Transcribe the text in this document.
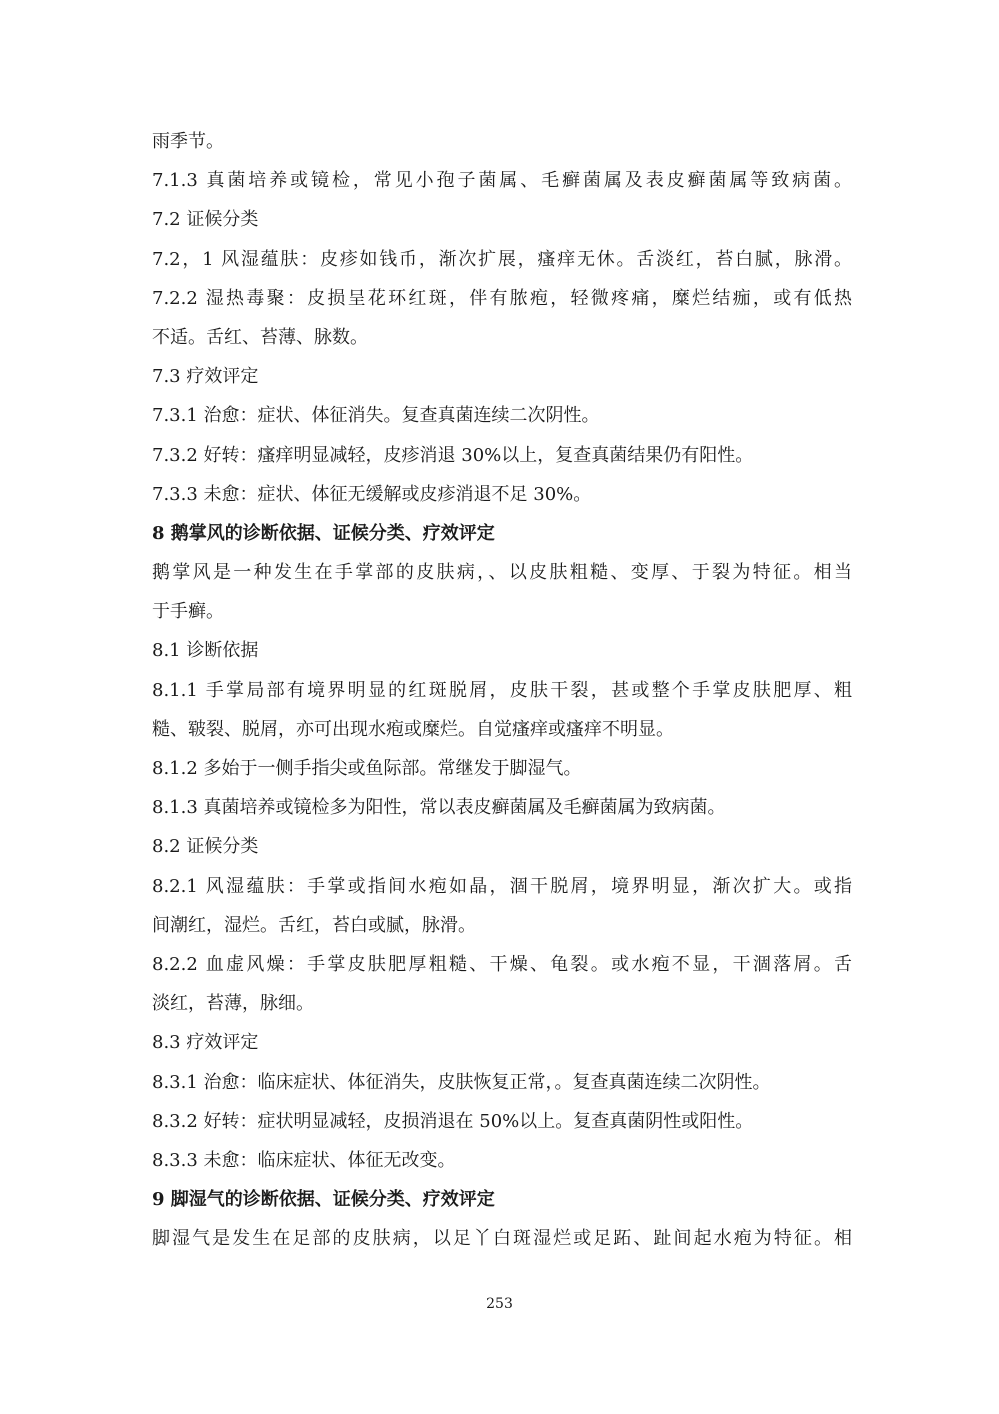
雨季节。
7.1.3 真菌培养或镜检，常见小孢子菌属、毛癣菌属及表皮癣菌属等致病菌。
7.2 证候分类
7.2，1 风湿蕴肤：皮疹如钱币，渐次扩展，瘙痒无休。舌淡红，苔白腻，脉滑。
7.2.2 湿热毒聚：皮损呈花环红斑，伴有脓疱，轻微疼痛，糜烂结痂，或有低热
不适。舌红、苔薄、脉数。
7.3 疗效评定
7.3.1 治愈：症状、体征消失。复查真菌连续二次阴性。
7.3.2 好转：瘙痒明显减轻，皮疹消退 30%以上，复查真菌结果仍有阳性。
7.3.3 未愈：症状、体征无缓解或皮疹消退不足 30%。
8 鹅掌风的诊断依据、证候分类、疗效评定
鹅掌风是一种发生在手掌部的皮肤病，、以皮肤粗糙、变厚、于裂为特征。相当
于手癣。
8.1 诊断依据
8.1.1 手掌局部有境界明显的红斑脱屑，皮肤干裂，甚或整个手掌皮肤肥厚、粗
糙、皲裂、脱屑，亦可出现水疱或糜烂。自觉瘙痒或瘙痒不明显。
8.1.2 多始于一侧手指尖或鱼际部。常继发于脚湿气。
8.1.3 真菌培养或镜检多为阳性，常以表皮癣菌属及毛癣菌属为致病菌。
8.2 证候分类
8.2.1 风湿蕴肤：手掌或指间水疱如晶，涸干脱屑，境界明显，渐次扩大。或指
间潮红，湿烂。舌红，苔白或腻，脉滑。
8.2.2 血虚风燥：手掌皮肤肥厚粗糙、干燥、龟裂。或水疱不显，干涸落屑。舌
淡红，苔薄，脉细。
8.3 疗效评定
8.3.1 治愈：临床症状、体征消失，皮肤恢复正常，。复查真菌连续二次阴性。
8.3.2 好转：症状明显减轻，皮损消退在 50%以上。复查真菌阴性或阳性。
8.3.3 未愈：临床症状、体征无改变。
9 脚湿气的诊断依据、证候分类、疗效评定
脚湿气是发生在足部的皮肤病，以足丫白斑湿烂或足跖、趾间起水疱为特征。相
253
